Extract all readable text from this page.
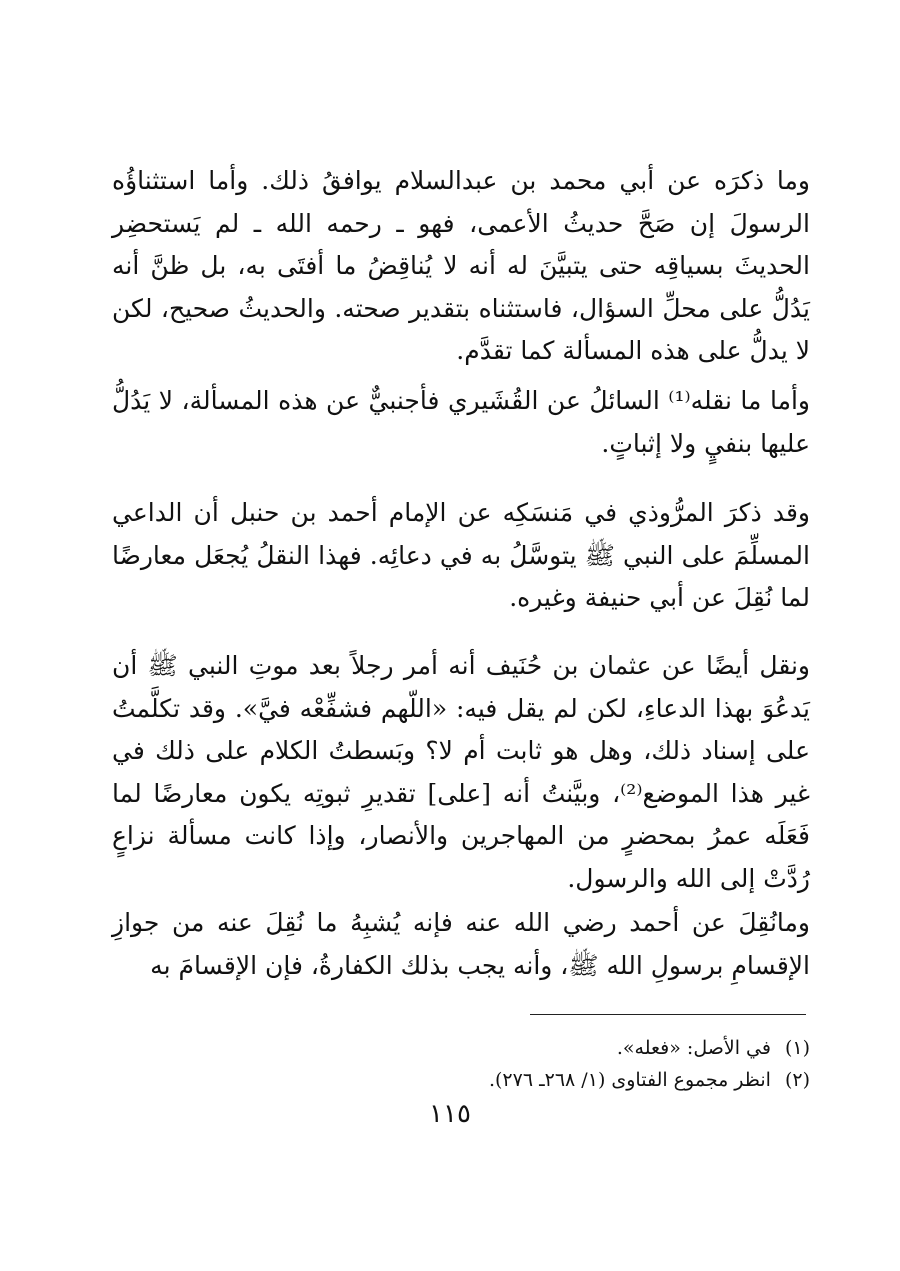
وما ذكرَه عن أبي محمد بن عبدالسلام يوافقُ ذلك. وأما استثناؤُه الرسولَ إن صَحَّ حديثُ الأعمى، فهو ـ رحمه الله ـ لم يَستحضِر الحديثَ بسياقِه حتى يتبيَّنَ له أنه لا يُناقِضُ ما أفتَى به، بل ظنَّ أنه يَدُلُّ على محلِّ السؤال، فاستثناه بتقدير صحته. والحديثُ صحيح، لكن لا يدلُّ على هذه المسألة كما تقدَّم.

وأما ما نقله⁽¹⁾ السائلُ عن القُشَيري فأجنبيٌّ عن هذه المسألة، لا يَدُلُّ عليها بنفيٍ ولا إثباتٍ.

وقد ذكرَ المرُّوذي في مَنسَكِه عن الإمام أحمد بن حنبل أن الداعي المسلِّمَ على النبي ﷺ يتوسَّلُ به في دعائِه. فهذا النقلُ يُجعَل معارضًا لما نُقِلَ عن أبي حنيفة وغيره.

ونقل أيضًا عن عثمان بن حُنَيف أنه أمر رجلاً بعد موتِ النبي ﷺ أن يَدعُوَ بهذا الدعاءِ، لكن لم يقل فيه: «اللّهم فشفِّعْه فيَّ». وقد تكلَّمتُ على إسناد ذلك، وهل هو ثابت أم لا؟ وبَسطتُ الكلام على ذلك في غير هذا الموضع⁽²⁾، وبيَّنتُ أنه [على] تقديرِ ثبوتِه يكون معارضًا لما فَعَلَه عمرُ بمحضرٍ من المهاجرين والأنصار، وإذا كانت مسألة نزاعٍ رُدَّتْ إلى الله والرسول.

ومانُقِلَ عن أحمد رضي الله عنه فإنه يُشبِهُ ما نُقِلَ عنه من جوازِ الإقسامِ برسولِ الله ﷺ، وأنه يجب بذلك الكفارةُ، فإن الإقسامَ به

(١)في الأصل: «فعله».

(٢)انظر مجموع الفتاوى (١/ ٢٦٨ـ ٢٧٦).

١١٥
